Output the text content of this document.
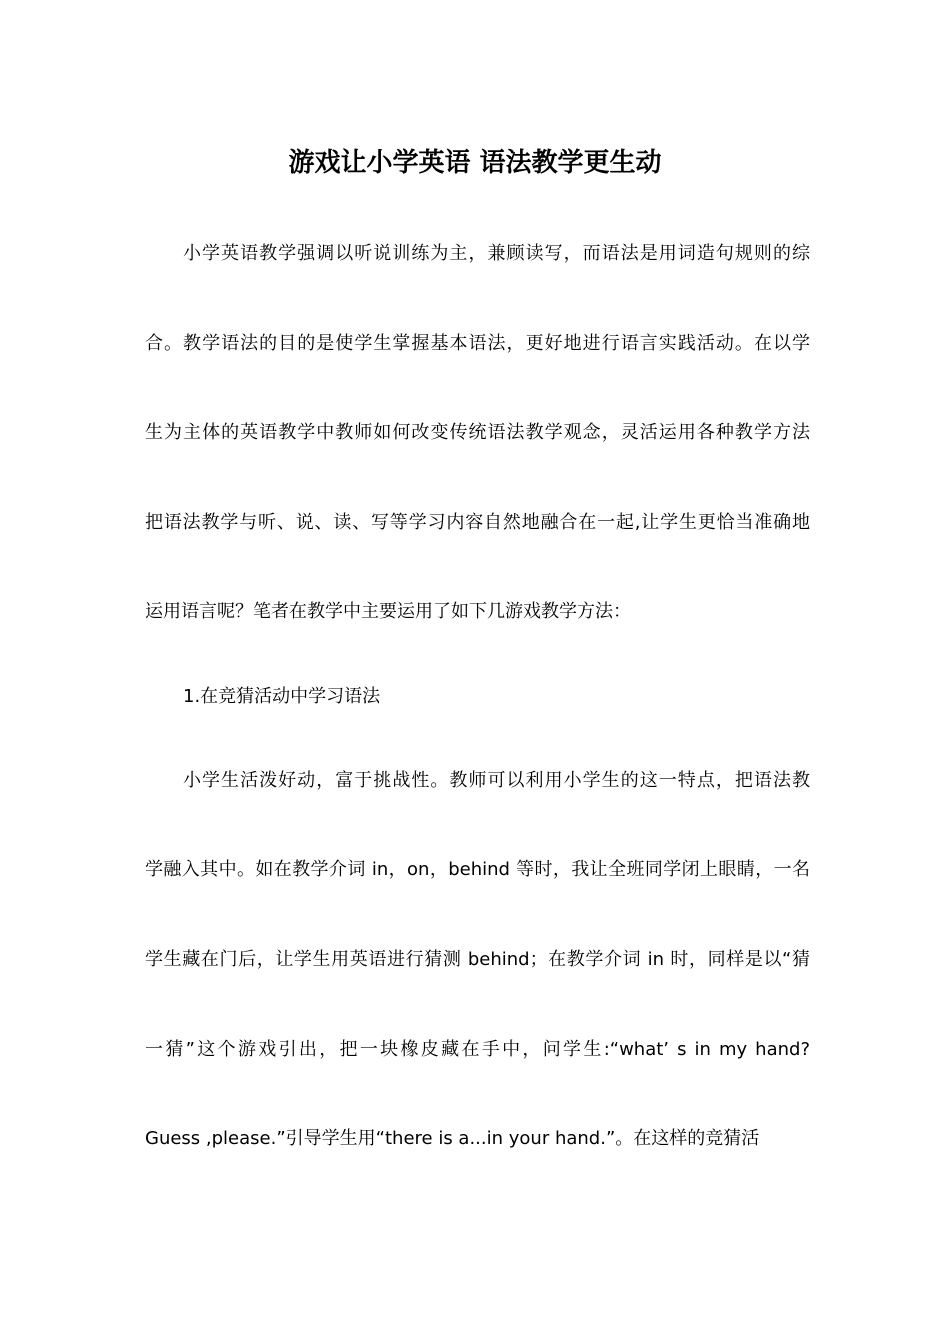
游戏让小学英语 语法教学更生动
小学英语教学强调以听说训练为主，兼顾读写，而语法是用词造句规则的综
合。教学语法的目的是使学生掌握基本语法，更好地进行语言实践活动。在以学
生为主体的英语教学中教师如何改变传统语法教学观念，灵活运用各种教学方法
把语法教学与听、说、读、写等学习内容自然地融合在一起,让学生更恰当准确地
运用语言呢？笔者在教学中主要运用了如下几游戏教学方法：
1.在竞猜活动中学习语法
小学生活泼好动，富于挑战性。教师可以利用小学生的这一特点，把语法教
学融入其中。如在教学介词 in，on，behind 等时，我让全班同学闭上眼睛，一名
学生藏在门后，让学生用英语进行猜测 behind；在教学介词 in 时，同样是以“猜
一猜”这个游戏引出，把一块橡皮藏在手中，问学生:“what’ s in my hand?
Guess ,please.”引导学生用“there is a...in your hand.”。在这样的竞猜活
